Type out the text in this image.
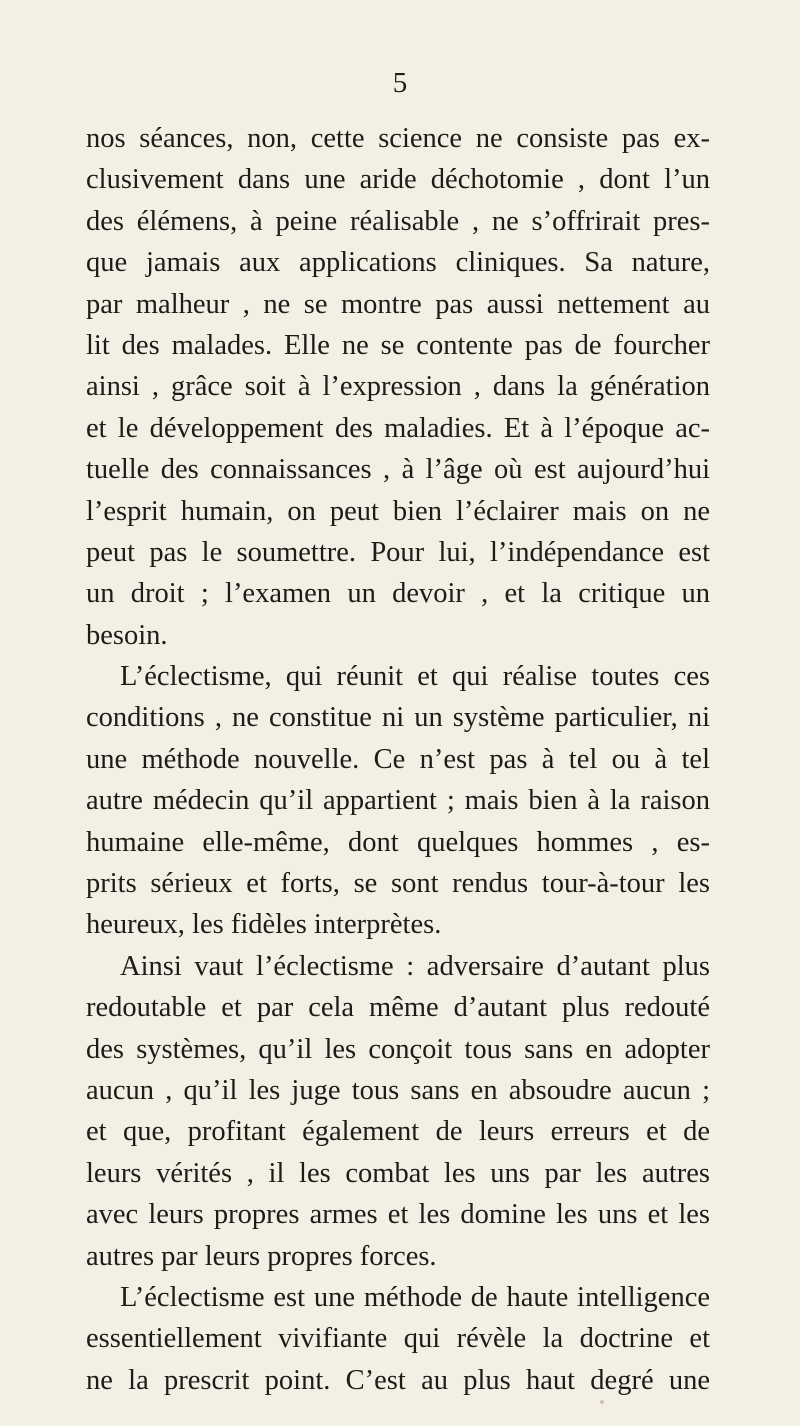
5
nos séances, non, cette science ne consiste pas ex-
clusivement dans une aride déchotomie , dont l’un
des élémens, à peine réalisable , ne s’offrirait pres-
que jamais aux applications cliniques. Sa nature,
par malheur , ne se montre pas aussi nettement au
lit des malades. Elle ne se contente pas de fourcher
ainsi , grâce soit à l’expression , dans la génération
et le développement des maladies. Et à l’époque ac-
tuelle des connaissances , à l’âge où est aujourd’hui
l’esprit humain, on peut bien l’éclairer mais on ne
peut pas le soumettre. Pour lui, l’indépendance est
un droit ; l’examen un devoir , et la critique un
besoin.
L’éclectisme, qui réunit et qui réalise toutes ces
conditions , ne constitue ni un système particulier, ni
une méthode nouvelle. Ce n’est pas à tel ou à tel
autre médecin qu’il appartient ; mais bien à la raison
humaine elle-même, dont quelques hommes , es-
prits sérieux et forts, se sont rendus tour-à-tour les
heureux, les fidèles interprètes.
Ainsi vaut l’éclectisme : adversaire d’autant plus
redoutable et par cela même d’autant plus redouté
des systèmes, qu’il les conçoit tous sans en adopter
aucun , qu’il les juge tous sans en absoudre aucun ;
et que, profitant également de leurs erreurs et de
leurs vérités , il les combat les uns par les autres
avec leurs propres armes et les domine les uns et les
autres par leurs propres forces.
L’éclectisme est une méthode de haute intelligence
essentiellement vivifiante qui révèle la doctrine et
ne la prescrit point. C’est au plus haut degré une
